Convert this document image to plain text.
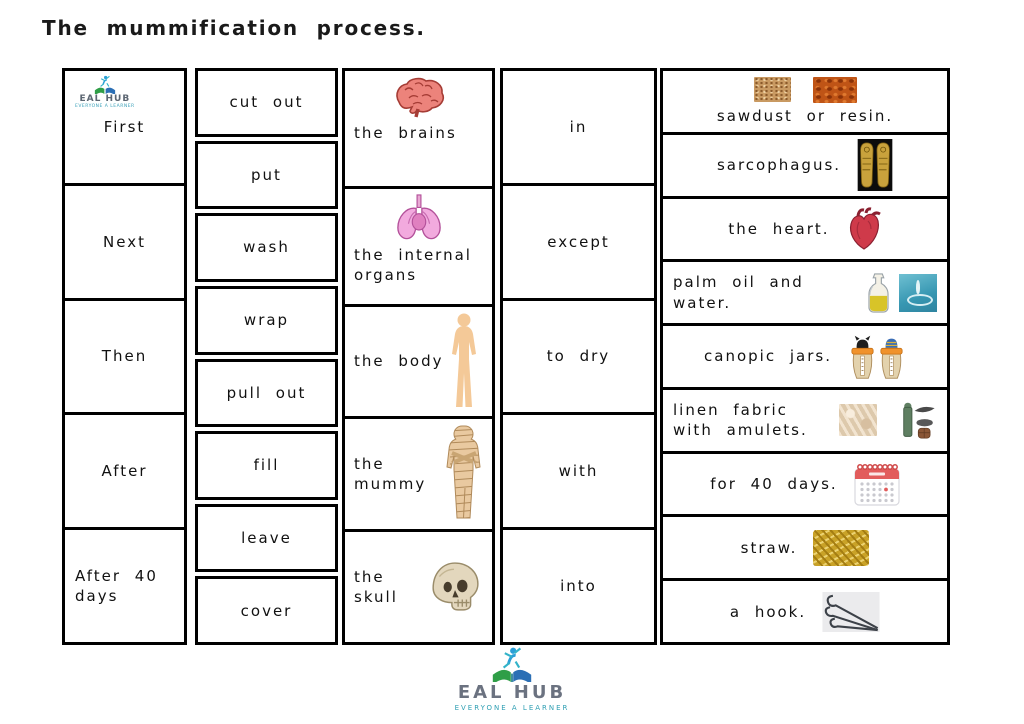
The mummification process.
EAL HUB
EVERYONE A LEARNER
First
Next
Then
After
After 40 days
cut out
put
wash
wrap
pull out
fill
leave
cover
the brains
the internal organs
the body
the mummy
the skull
in
except
to dry
with
into
sawdust or resin.
sarcophagus.
the heart.
palm oil and water.
canopic jars.
linen fabric with amulets.
for 40 days.
straw.
a hook.
EAL HUB
EVERYONE A LEARNER
